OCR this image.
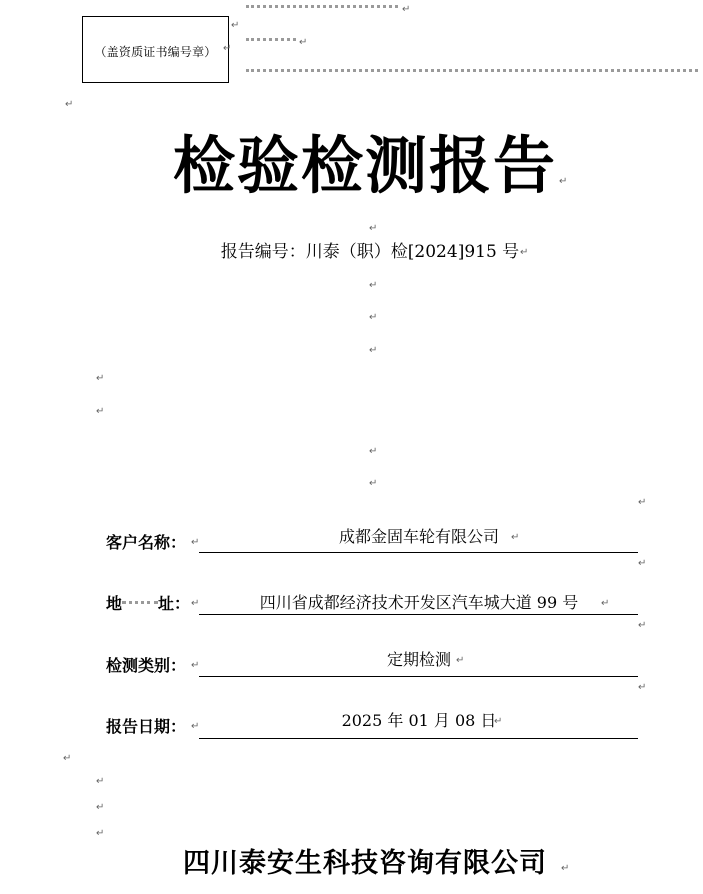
（盖资质证书编号章）
↵
↵
↵
↵
↵
检验检测报告 ↵
↵
报告编号：川泰（职）检[2024]915 号 ↵
↵
↵
↵
↵
↵
↵
↵
↵
客户名称： ↵	成都金固车轮有限公司	↵
↵
地 址： ↵	四川省成都经济技术开发区汽车城大道 99 号	↵
↵
检测类别： ↵	定期检测 ↵
↵
报告日期： ↵	2025 年 01 月 08 日
↵
↵
↵
↵
↵
四川泰安生科技咨询有限公司	↵
